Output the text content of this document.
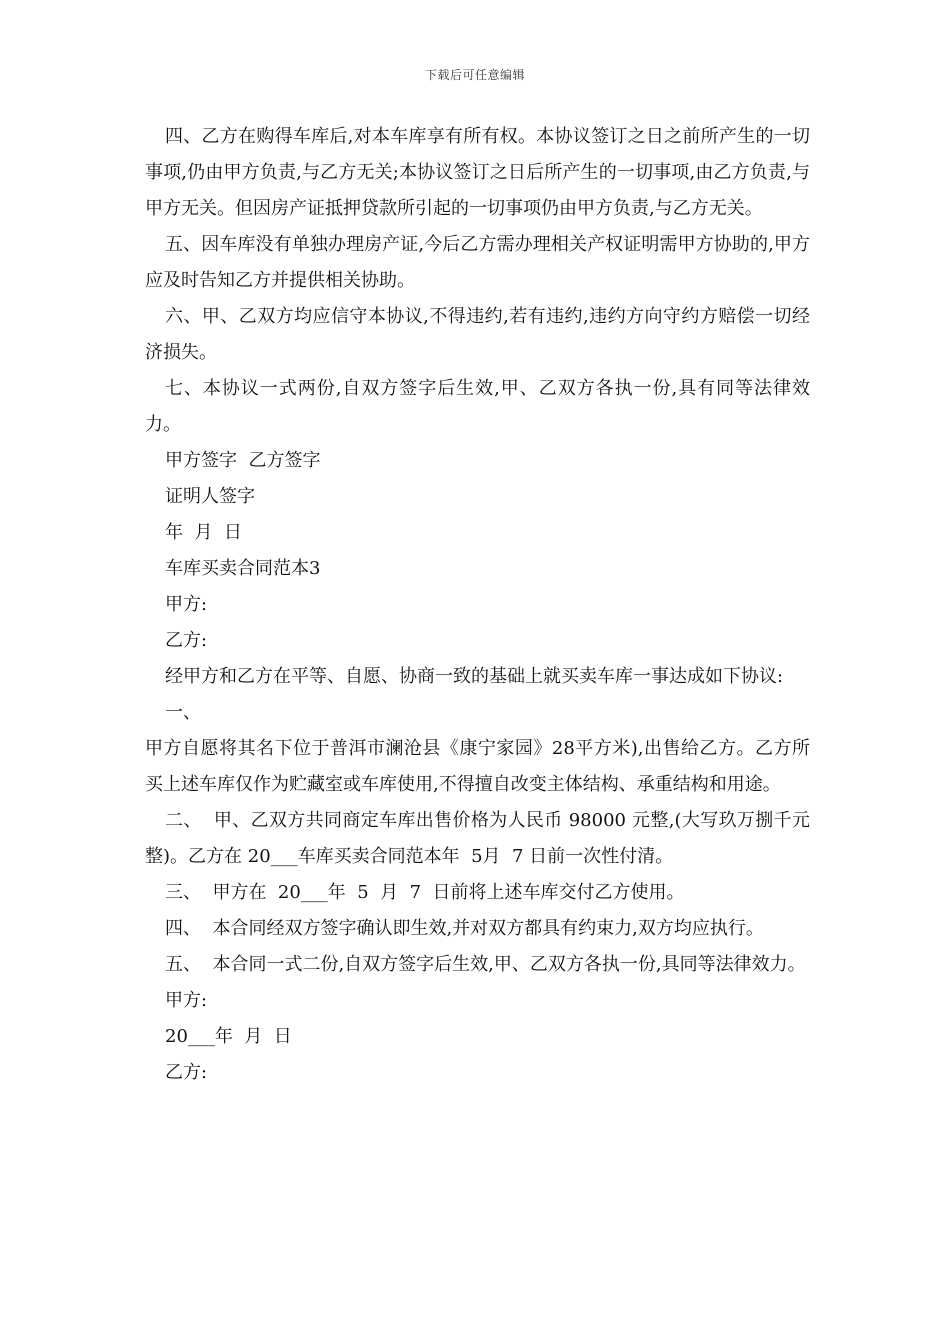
下载后可任意编辑

四、乙方在购得车库后,对本车库享有所有权。本协议签订之日之前所产生的一切事项,仍由甲方负责,与乙方无关;本协议签订之日后所产生的一切事项,由乙方负责,与甲方无关。但因房产证抵押贷款所引起的一切事项仍由甲方负责,与乙方无关。

五、因车库没有单独办理房产证,今后乙方需办理相关产权证明需甲方协助的,甲方应及时告知乙方并提供相关协助。

六、甲、乙双方均应信守本协议,不得违约,若有违约,违约方向守约方赔偿一切经济损失。

七、本协议一式两份,自双方签字后生效,甲、乙双方各执一份,具有同等法律效力。

甲方签字  乙方签字

证明人签字

年  月  日

车库买卖合同范本3

甲方:

乙方:

经甲方和乙方在平等、自愿、协商一致的基础上就买卖车库一事达成如下协议:

一、

甲方自愿将其名下位于普洱市澜沧县《康宁家园》28平方米),出售给乙方。乙方所买上述车库仅作为贮藏室或车库使用,不得擅自改变主体结构、承重结构和用途。

二、  甲、乙双方共同商定车库出售价格为人民币 98000 元整,(大写玖万捌千元整)。乙方在 20___车库买卖合同范本年  5月  7 日前一次性付清。

三、  甲方在  20___年  5  月  7  日前将上述车库交付乙方使用。

四、  本合同经双方签字确认即生效,并对双方都具有约束力,双方均应执行。

五、  本合同一式二份,自双方签字后生效,甲、乙双方各执一份,具同等法律效力。

甲方:

20___年  月  日

乙方:
